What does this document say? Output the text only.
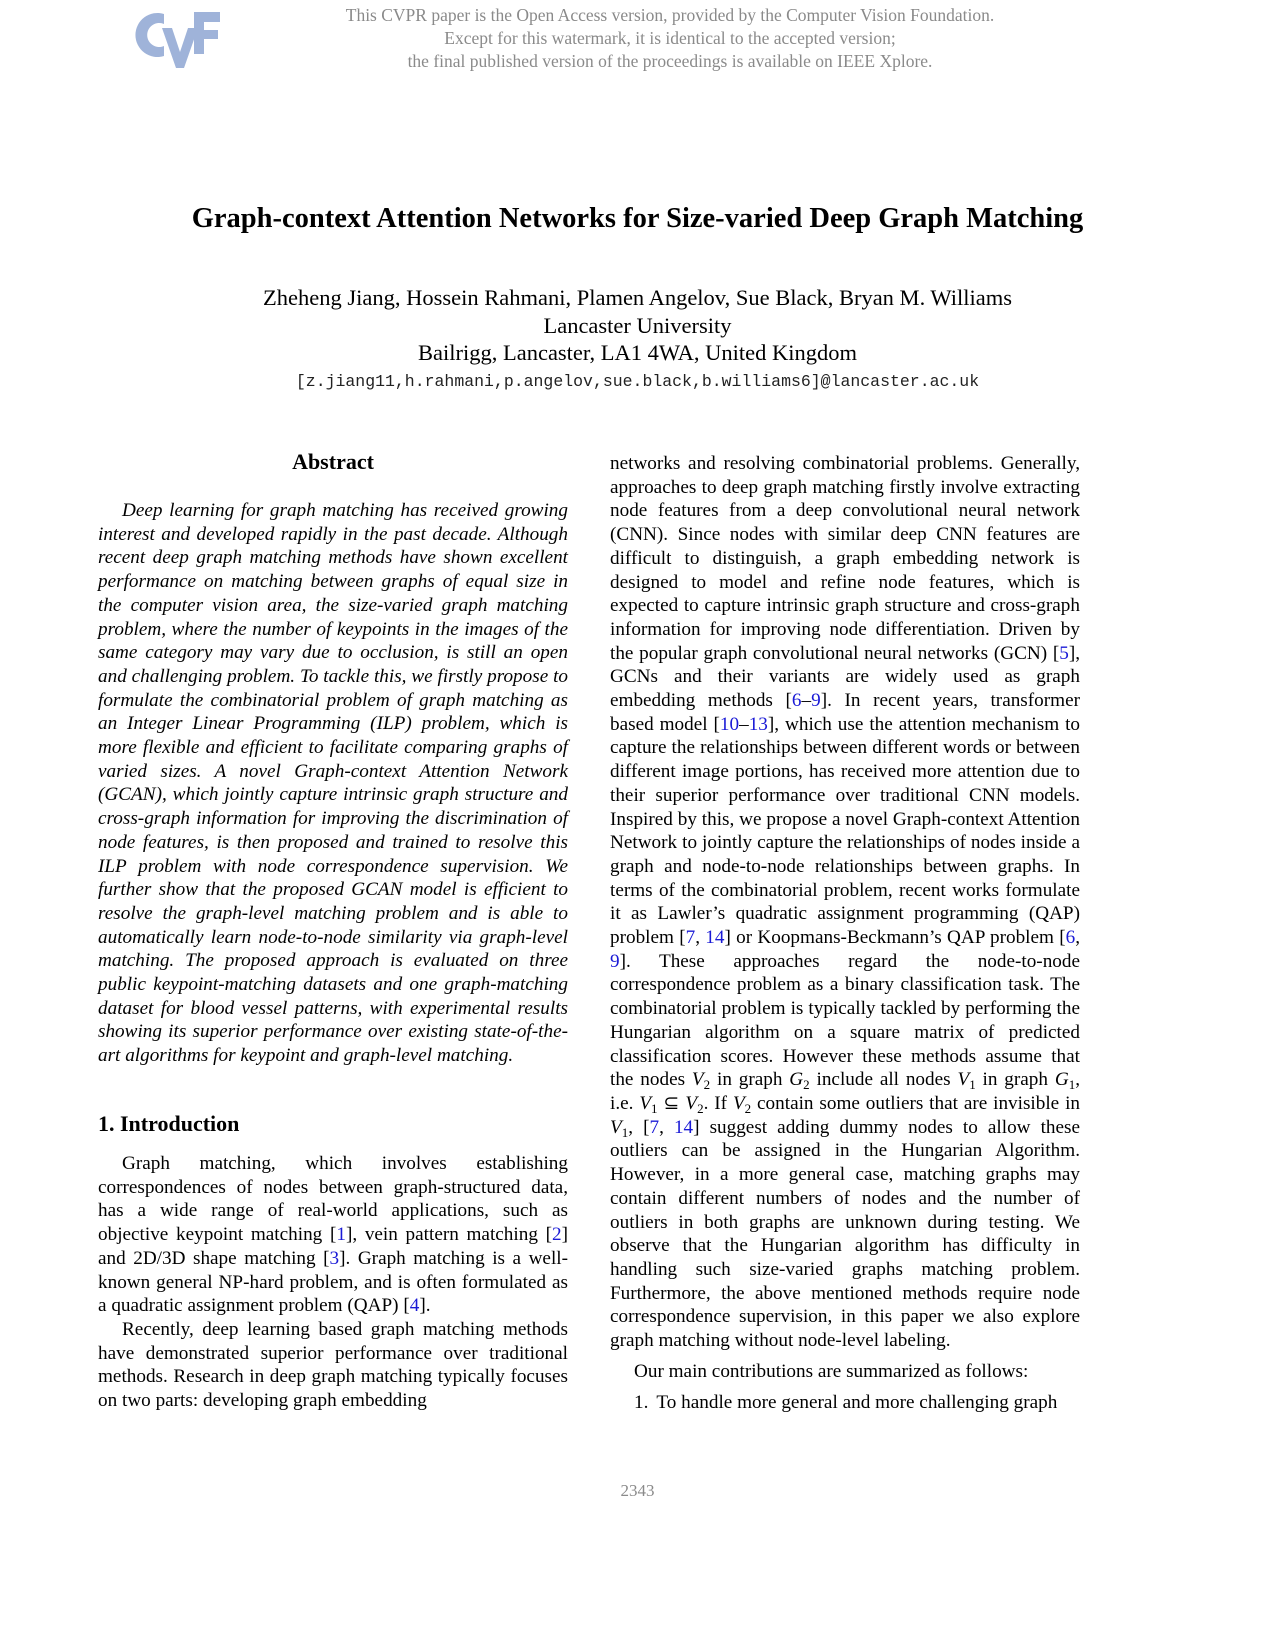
This CVPR paper is the Open Access version, provided by the Computer Vision Foundation.
Except for this watermark, it is identical to the accepted version;
the final published version of the proceedings is available on IEEE Xplore.
Graph-context Attention Networks for Size-varied Deep Graph Matching
Zheheng Jiang, Hossein Rahmani, Plamen Angelov, Sue Black, Bryan M. Williams
Lancaster University
Bailrigg, Lancaster, LA1 4WA, United Kingdom
[z.jiang11,h.rahmani,p.angelov,sue.black,b.williams6]@lancaster.ac.uk
Abstract

Deep learning for graph matching has received growing interest and developed rapidly in the past decade. Although recent deep graph matching methods have shown excellent performance on matching between graphs of equal size in the computer vision area, the size-varied graph matching problem, where the number of keypoints in the images of the same category may vary due to occlusion, is still an open and challenging problem. To tackle this, we firstly propose to formulate the combinatorial problem of graph matching as an Integer Linear Programming (ILP) problem, which is more flexible and efficient to facilitate comparing graphs of varied sizes. A novel Graph-context Attention Network (GCAN), which jointly capture intrinsic graph structure and cross-graph information for improving the discrimination of node features, is then proposed and trained to resolve this ILP problem with node correspondence supervision. We further show that the proposed GCAN model is efficient to resolve the graph-level matching problem and is able to automatically learn node-to-node similarity via graph-level matching. The proposed approach is evaluated on three public keypoint-matching datasets and one graph-matching dataset for blood vessel patterns, with experimental results showing its superior performance over existing state-of-the-art algorithms for keypoint and graph-level matching.

1. Introduction

Graph matching, which involves establishing correspondences of nodes between graph-structured data, has a wide range of real-world applications, such as objective keypoint matching [1], vein pattern matching [2] and 2D/3D shape matching [3]. Graph matching is a well-known general NP-hard problem, and is often formulated as a quadratic assignment problem (QAP) [4].

Recently, deep learning based graph matching methods have demonstrated superior performance over traditional methods. Research in deep graph matching typically focuses on two parts: developing graph embedding

networks and resolving combinatorial problems. Generally, approaches to deep graph matching firstly involve extracting node features from a deep convolutional neural network (CNN). Since nodes with similar deep CNN features are difficult to distinguish, a graph embedding network is designed to model and refine node features, which is expected to capture intrinsic graph structure and cross-graph information for improving node differentiation. Driven by the popular graph convolutional neural networks (GCN) [5], GCNs and their variants are widely used as graph embedding methods [6–9]. In recent years, transformer based model [10–13], which use the attention mechanism to capture the relationships between different words or between different image portions, has received more attention due to their superior performance over traditional CNN models. Inspired by this, we propose a novel Graph-context Attention Network to jointly capture the relationships of nodes inside a graph and node-to-node relationships between graphs. In terms of the combinatorial problem, recent works formulate it as Lawler’s quadratic assignment programming (QAP) problem [7, 14] or Koopmans-Beckmann’s QAP problem [6, 9]. These approaches regard the node-to-node correspondence problem as a binary classification task. The combinatorial problem is typically tackled by performing the Hungarian algorithm on a square matrix of predicted classification scores. However these methods assume that the nodes $V_2$ in graph $G_2$ include all nodes $V_1$ in graph $G_1$, i.e. $V_1$ ⊆ $V_2$. If $V_2$ contain some outliers that are invisible in $V_1$, [7, 14] suggest adding dummy nodes to allow these outliers can be assigned in the Hungarian Algorithm. However, in a more general case, matching graphs may contain different numbers of nodes and the number of outliers in both graphs are unknown during testing. We observe that the Hungarian algorithm has difficulty in handling such size-varied graphs matching problem. Furthermore, the above mentioned methods require node correspondence supervision, in this paper we also explore graph matching without node-level labeling.

Our main contributions are summarized as follows:

1. To handle more general and more challenging graph
2343
